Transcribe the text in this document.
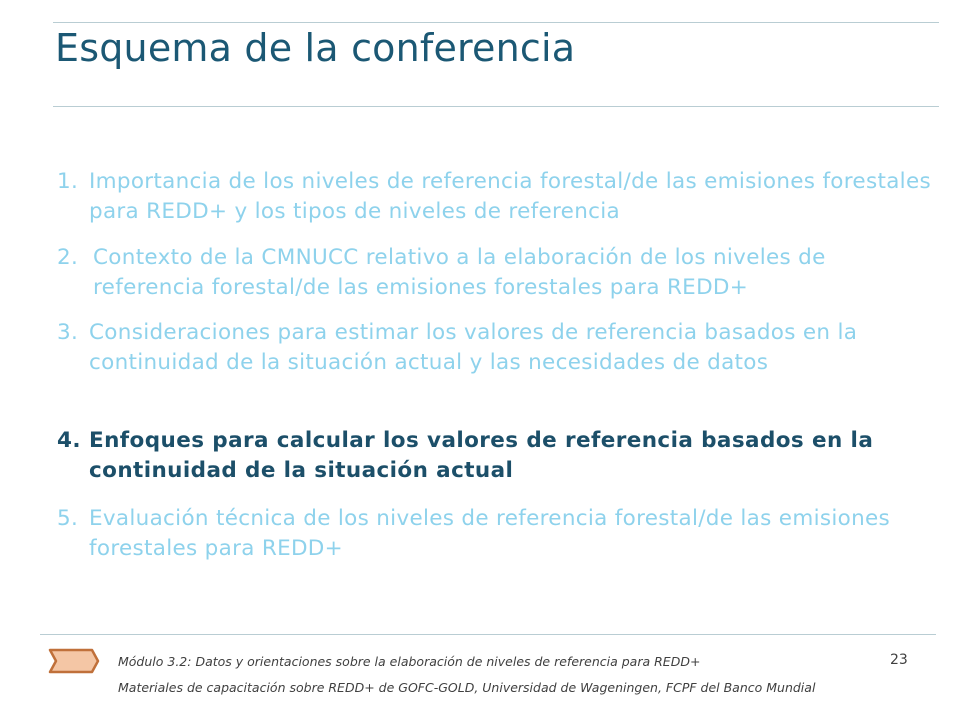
Esquema de la conferencia
1. Importancia de los niveles de referencia forestal/de las emisiones forestales para REDD+ y los tipos de niveles de referencia
2. Contexto de la CMNUCC relativo a la elaboración de los niveles de referencia forestal/de las emisiones forestales para REDD+
3. Consideraciones para estimar los valores de referencia basados en la continuidad de la situación actual y las necesidades de datos
4. Enfoques para calcular los valores de referencia basados en la continuidad de la situación actual
5. Evaluación técnica de los niveles de referencia forestal/de las emisiones forestales para REDD+
Módulo 3.2: Datos y orientaciones sobre la elaboración de niveles de referencia para REDD+	23
Materiales de capacitación sobre REDD+ de GOFC-GOLD, Universidad de Wageningen, FCPF del Banco Mundial
